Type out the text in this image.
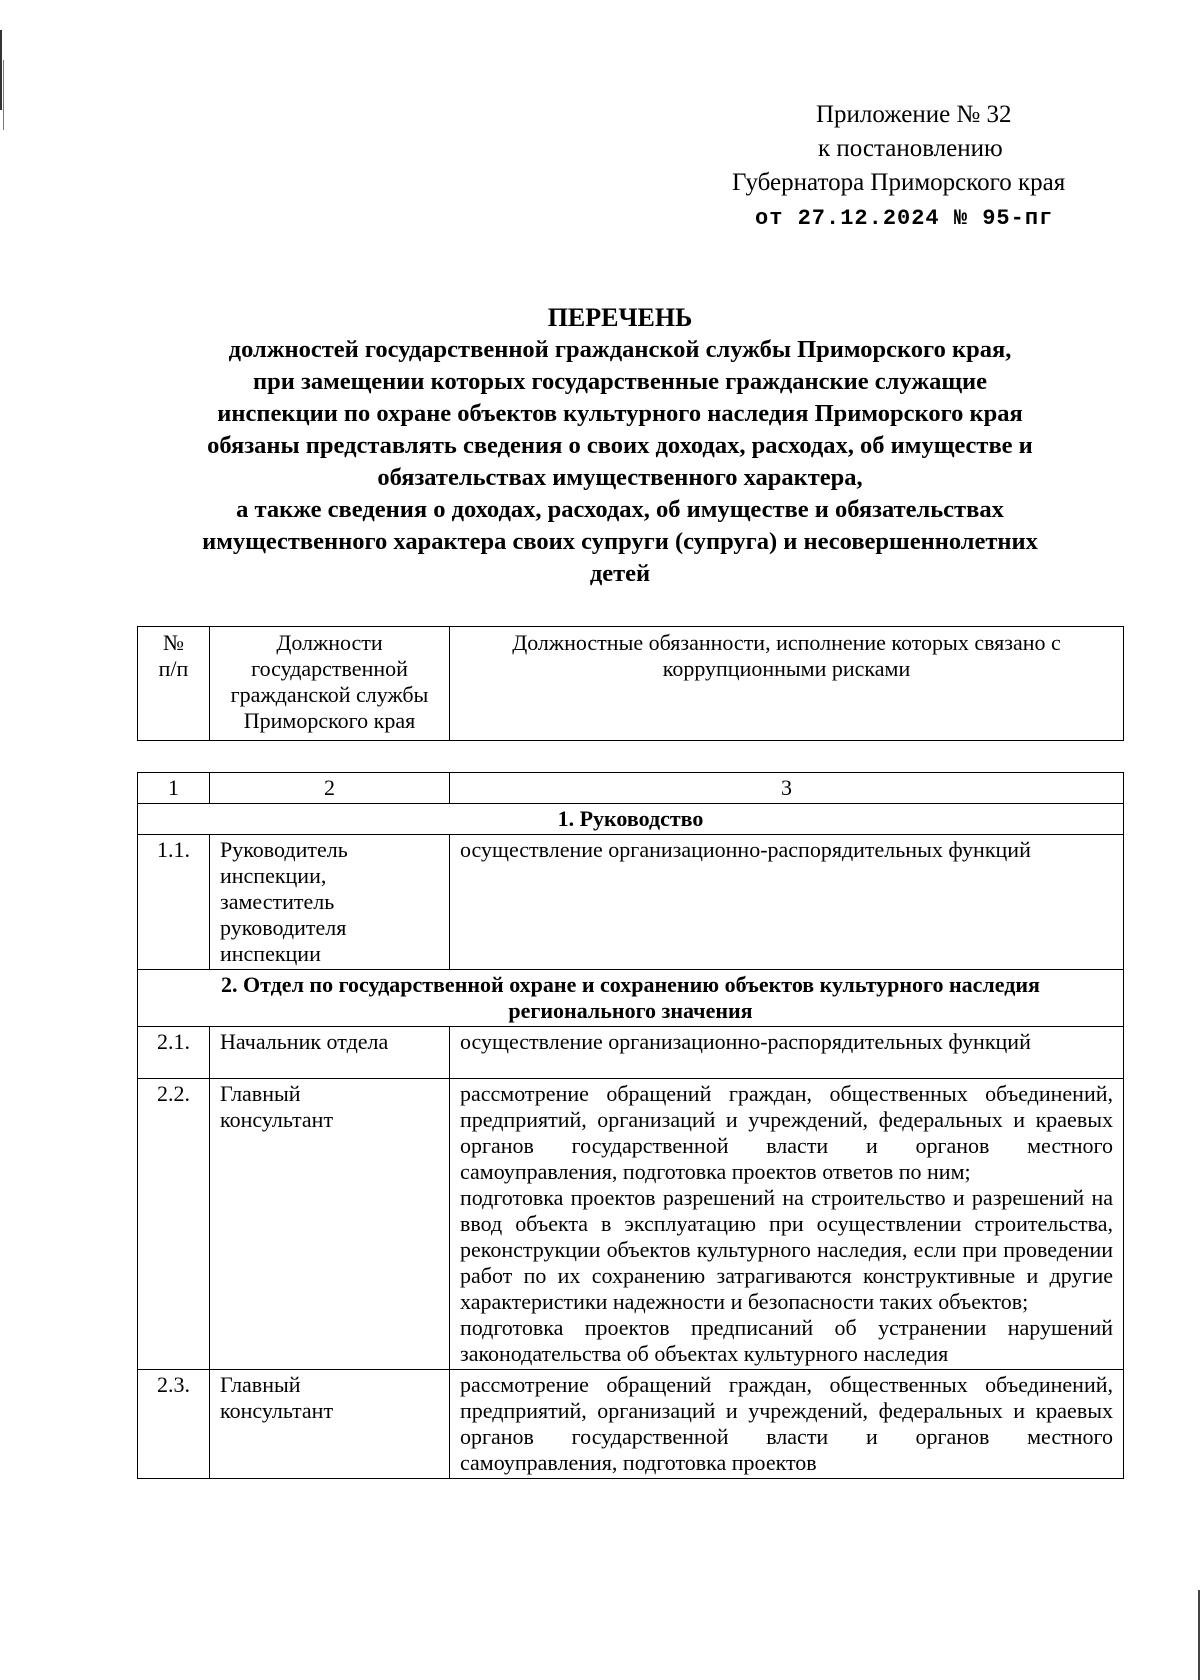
Приложение № 32
к постановлению
Губернатора Приморского края
от 27.12.2024 № 95-пг
ПЕРЕЧЕНЬ
должностей государственной гражданской службы Приморского края,
при замещении которых государственные гражданские служащие
инспекции по охране объектов культурного наследия Приморского края
обязаны представлять сведения о своих доходах, расходах, об имуществе и
обязательствах имущественного характера,
а также сведения о доходах, расходах, об имуществе и обязательствах
имущественного характера своих супруги (супруга) и несовершеннолетних
детей
№ п/п	Должности государственной гражданской службы Приморского края	Должностные обязанности, исполнение которых связано с коррупционными рисками
1	2	3
1. Руководство		
1.1.	Руководитель инспекции, заместитель руководителя инспекции	осуществление организационно-распорядительных функций

2. Отдел по государственной охране и сохранению объектов культурного наследия регионального значения		
2.1.	Начальник отдела	осуществление организационно-распорядительных функций

2.2.	Главный консультант	рассмотрение обращений граждан, общественных объединений, предприятий, организаций и учреждений, федеральных и краевых органов государственной власти и органов местного самоуправления, подготовка проектов ответов по ним;
подготовка проектов разрешений на строительство и разрешений на ввод объекта в эксплуатацию при осуществлении строительства, реконструкции объектов культурного наследия, если при проведении работ по их сохранению затрагиваются конструктивные и другие характеристики надежности и безопасности таких объектов;
подготовка проектов предписаний об устранении нарушений законодательства об объектах культурного наследия

2.3.	Главный консультант	рассмотрение обращений граждан, общественных объединений, предприятий, организаций и учреждений, федеральных и краевых органов государственной власти и органов местного самоуправления, подготовка проектов
